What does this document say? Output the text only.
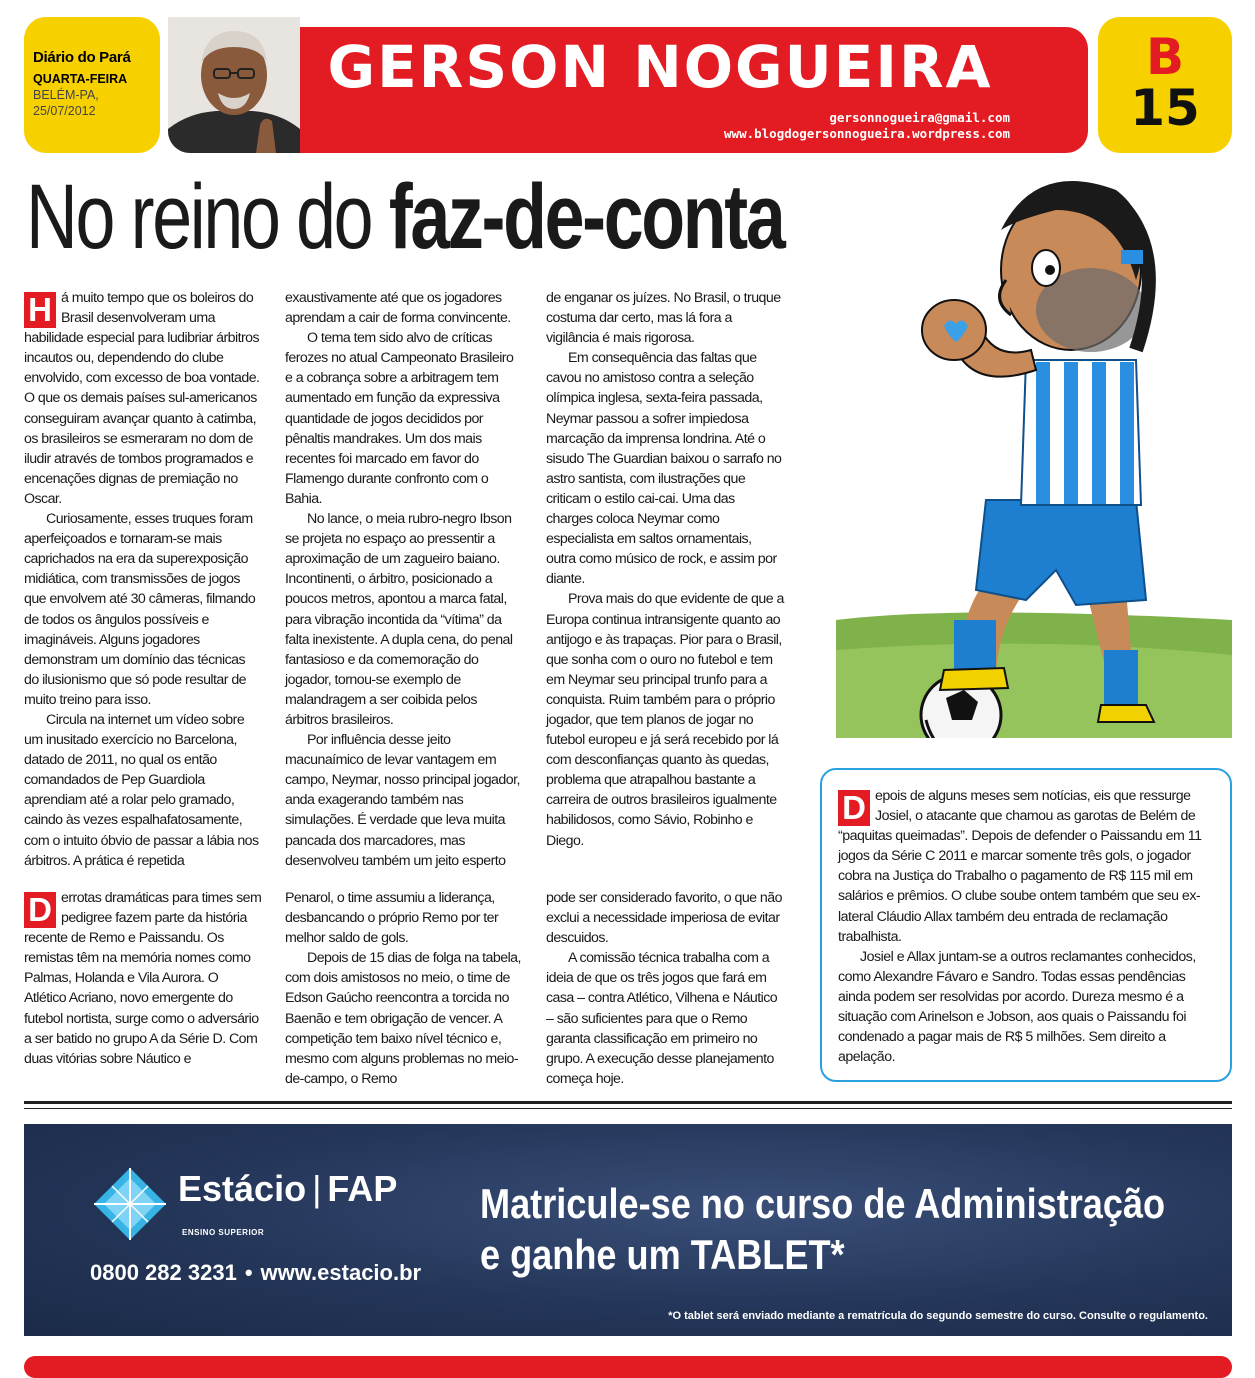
Diário do Pará
QUARTA-FEIRA
BELÉM-PA,
25/07/2012
GERSON NOGUEIRA
gersonnogueira@gmail.com
www.blogdogersonnogueira.wordpress.com
B
15
No reino do faz-de-conta
H á muito tempo que os boleiros do Brasil desenvolveram uma habilidade especial para ludibriar árbitros incautos ou, dependendo do clube envolvido, com excesso de boa vontade. O que os demais países sul-americanos conseguiram avançar quanto à catimba, os brasileiros se esmeraram no dom de iludir através de tombos programados e encenações dignas de premiação no Oscar.

Curiosamente, esses truques foram aperfeiçoados e tornaram-se mais caprichados na era da superexposição midiática, com transmissões de jogos que envolvem até 30 câmeras, filmando de todos os ângulos possíveis e imagináveis. Alguns jogadores demonstram um domínio das técnicas do ilusionismo que só pode resultar de muito treino para isso.

Circula na internet um vídeo sobre um inusitado exercício no Barcelona, datado de 2011, no qual os então comandados de Pep Guardiola aprendiam até a rolar pelo gramado, caindo às vezes espalhafatosamente, com o intuito óbvio de passar a lábia nos árbitros. A prática é repetida

exaustivamente até que os jogadores aprendam a cair de forma convincente.

O tema tem sido alvo de críticas ferozes no atual Campeonato Brasileiro e a cobrança sobre a arbitragem tem aumentado em função da expressiva quantidade de jogos decididos por pênaltis mandrakes. Um dos mais recentes foi marcado em favor do Flamengo durante confronto com o Bahia.

No lance, o meia rubro-negro Ibson se projeta no espaço ao pressentir a aproximação de um zagueiro baiano. Incontinenti, o árbitro, posicionado a poucos metros, apontou a marca fatal, para vibração incontida da “vítima” da falta inexistente. A dupla cena, do penal fantasioso e da comemoração do jogador, tornou-se exemplo de malandragem a ser coibida pelos árbitros brasileiros.

Por influência desse jeito macunaímico de levar vantagem em campo, Neymar, nosso principal jogador, anda exagerando também nas simulações. É verdade que leva muita pancada dos marcadores, mas desenvolveu também um jeito esperto

de enganar os juízes. No Brasil, o truque costuma dar certo, mas lá fora a vigilância é mais rigorosa.

Em consequência das faltas que cavou no amistoso contra a seleção olímpica inglesa, sexta-feira passada, Neymar passou a sofrer impiedosa marcação da imprensa londrina. Até o sisudo The Guardian baixou o sarrafo no astro santista, com ilustrações que criticam o estilo cai-cai. Uma das charges coloca Neymar como especialista em saltos ornamentais, outra como músico de rock, e assim por diante.

Prova mais do que evidente de que a Europa continua intransigente quanto ao antijogo e às trapaças. Pior para o Brasil, que sonha com o ouro no futebol e tem em Neymar seu principal trunfo para a conquista. Ruim também para o próprio jogador, que tem planos de jogar no futebol europeu e já será recebido por lá com desconfianças quanto às quedas, problema que atrapalhou bastante a carreira de outros brasileiros igualmente habilidosos, como Sávio, Robinho e Diego.

D errotas dramáticas para times sem pedigree fazem parte da história recente de Remo e Paissandu. Os remistas têm na memória nomes como Palmas, Holanda e Vila Aurora. O Atlético Acriano, novo emergente do futebol nortista, surge como o adversário a ser batido no grupo A da Série D. Com duas vitórias sobre Náutico e

Penarol, o time assumiu a liderança, desbancando o próprio Remo por ter melhor saldo de gols.

Depois de 15 dias de folga na tabela, com dois amistosos no meio, o time de Edson Gaúcho reencontra a torcida no Baenão e tem obrigação de vencer. A competição tem baixo nível técnico e, mesmo com alguns problemas no meio-de-campo, o Remo

pode ser considerado favorito, o que não exclui a necessidade imperiosa de evitar descuidos.

A comissão técnica trabalha com a ideia de que os três jogos que fará em casa – contra Atlético, Vilhena e Náutico – são suficientes para que o Remo garanta classificação em primeiro no grupo. A execução desse planejamento começa hoje.

D epois de alguns meses sem notícias, eis que ressurge Josiel, o atacante que chamou as garotas de Belém de “paquitas queimadas”. Depois de defender o Paissandu em 11 jogos da Série C 2011 e marcar somente três gols, o jogador cobra na Justiça do Trabalho o pagamento de R$ 115 mil em salários e prêmios. O clube soube ontem também que seu ex-lateral Cláudio Allax também deu entrada de reclamação trabalhista.

Josiel e Allax juntam-se a outros reclamantes conhecidos, como Alexandre Fávaro e Sandro. Todas essas pendências ainda podem ser resolvidas por acordo. Dureza mesmo é a situação com Arinelson e Jobson, aos quais o Paissandu foi condenado a pagar mais de R$ 5 milhões. Sem direito a apelação.

Estácio | FAP
ENSINO SUPERIOR
0800 282 3231 • www.estacio.br
Matricule-se no curso de Administração
e ganhe um TABLET*
*O tablet será enviado mediante a rematrícula do segundo semestre do curso. Consulte o regulamento.
